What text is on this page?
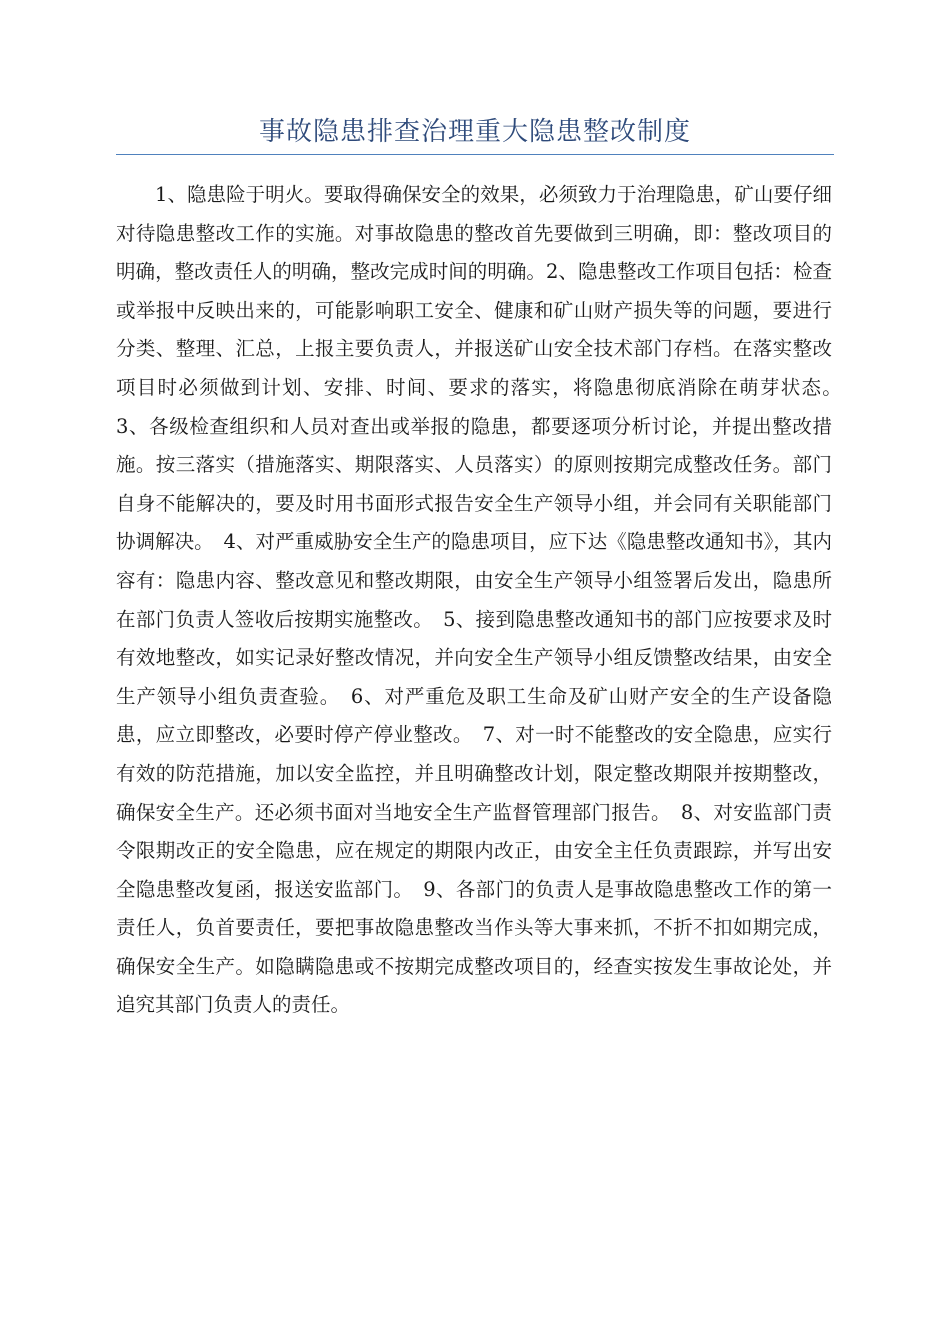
事故隐患排查治理重大隐患整改制度

1、隐患险于明火。要取得确保安全的效果，必须致力于治理隐患，矿山要仔细对待隐患整改工作的实施。对事故隐患的整改首先要做到三明确，即：整改项目的明确，整改责任人的明确，整改完成时间的明确。2、隐患整改工作项目包括：检查或举报中反映出来的，可能影响职工安全、健康和矿山财产损失等的问题，要进行分类、整理、汇总，上报主要负责人，并报送矿山安全技术部门存档。在落实整改项目时必须做到计划、安排、时间、要求的落实，将隐患彻底消除在萌芽状态。　3、各级检查组织和人员对查出或举报的隐患，都要逐项分析讨论，并提出整改措施。按三落实（措施落实、期限落实、人员落实）的原则按期完成整改任务。部门自身不能解决的，要及时用书面形式报告安全生产领导小组，并会同有关职能部门协调解决。　4、对严重威胁安全生产的隐患项目，应下达《隐患整改通知书》，其内容有：隐患内容、整改意见和整改期限，由安全生产领导小组签署后发出，隐患所在部门负责人签收后按期实施整改。　5、接到隐患整改通知书的部门应按要求及时有效地整改，如实记录好整改情况，并向安全生产领导小组反馈整改结果，由安全生产领导小组负责查验。　6、对严重危及职工生命及矿山财产安全的生产设备隐患，应立即整改，必要时停产停业整改。　7、对一时不能整改的安全隐患，应实行有效的防范措施，加以安全监控，并且明确整改计划，限定整改期限并按期整改，确保安全生产。还必须书面对当地安全生产监督管理部门报告。　8、对安监部门责令限期改正的安全隐患，应在规定的期限内改正，由安全主任负责跟踪，并写出安全隐患整改复函，报送安监部门。　9、各部门的负责人是事故隐患整改工作的第一责任人，负首要责任，要把事故隐患整改当作头等大事来抓，不折不扣如期完成，确保安全生产。如隐瞒隐患或不按期完成整改项目的，经查实按发生事故论处，并追究其部门负责人的责任。
